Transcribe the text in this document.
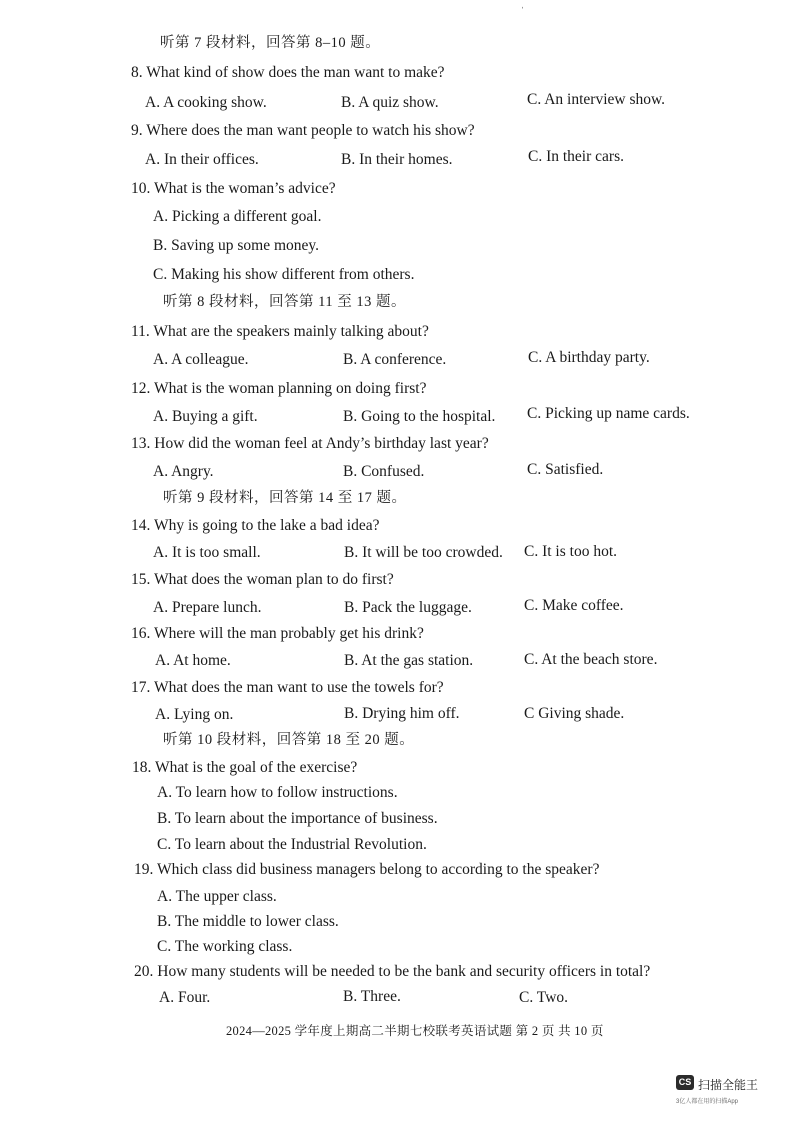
ˈ
听第 7 段材料，回答第 8–10 题。
8. What kind of show does the man want to make?
A. A cooking show.	B. A quiz show.	C. An interview show.
9. Where does the man want people to watch his show?
A. In their offices.	B. In their homes.	C. In their cars.
10. What is the woman’s advice?
A. Picking a different goal.
B. Saving up some money.
C. Making his show different from others.
听第 8 段材料，回答第 11 至 13 题。
11. What are the speakers mainly talking about?
A. A colleague.	B. A conference.	C. A birthday party.
12. What is the woman planning on doing first?
A. Buying a gift.	B. Going to the hospital. C. Picking up name cards.
13. How did the woman feel at Andy’s birthday last year?
A. Angry.	B. Confused.	C. Satisfied.
听第 9 段材料，回答第 14 至 17 题。
14. Why is going to the lake a bad idea?
A. It is too small.	B. It will be too crowded. C. It is too hot.
15. What does the woman plan to do first?
A. Prepare lunch.	B. Pack the luggage.	C. Make coffee.
16. Where will the man probably get his drink?
A. At home.	B. At the gas station.	C. At the beach store.
17. What does the man want to use the towels for?
A. Lying on.	B. Drying him off.	C Giving shade.
听第 10 段材料，回答第 18 至 20 题。
18. What is the goal of the exercise?
A. To learn how to follow instructions.
B. To learn about the importance of business.
C. To learn about the Industrial Revolution.
19. Which class did business managers belong to according to the speaker?
A. The upper class.
B. The middle to lower class.
C. The working class.
20. How many students will be needed to be the bank and security officers in total?
A. Four.	B. Three.	C. Two.
2024—2025 学年度上期高二半期七校联考英语试题 第 2 页 共 10 页
CS 扫描全能王
3亿人都在用的扫描App
